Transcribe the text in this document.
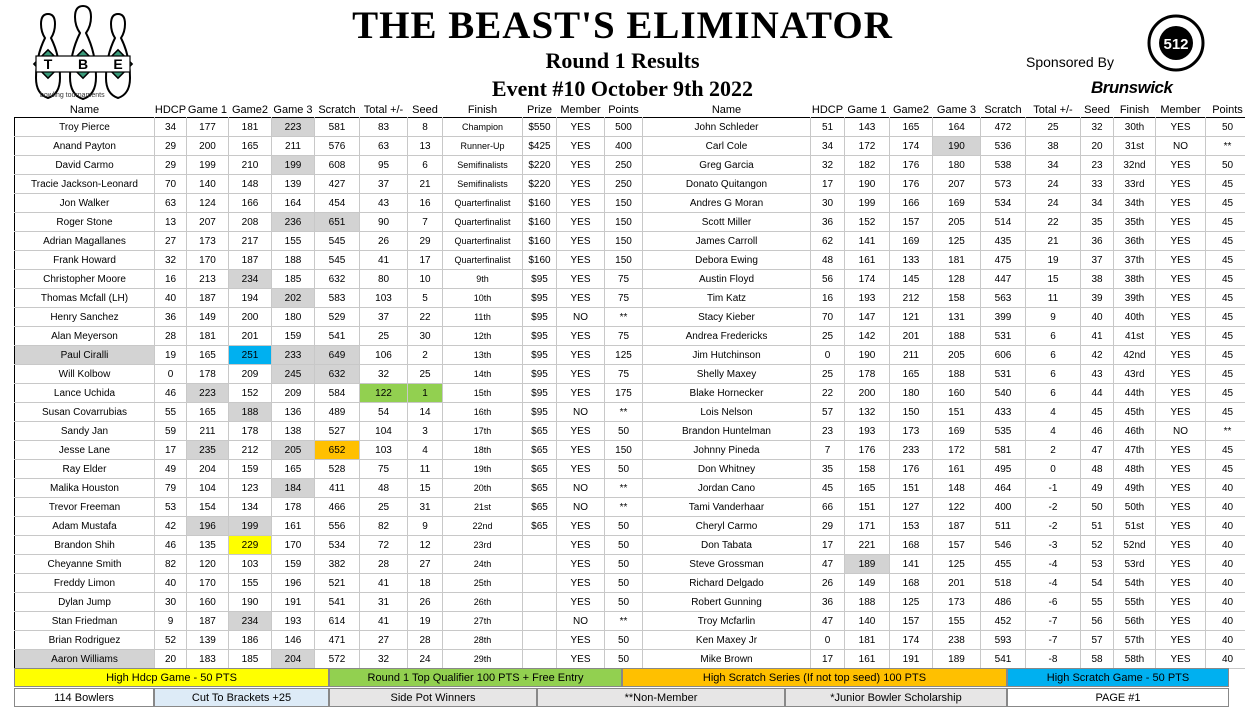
T B E
bowling tournaments
THE BEAST'S ELIMINATOR
Round 1 Results
Event #10 October 9th 2022
Sponsored By
Brunswick
512
Name	HDCP	Game 1	Game2	Game 3	Scratch	Total +/-	Seed	Finish	Prize	Member	Points	Name	HDCP	Game 1	Game2	Game 3	Scratch	Total +/-	Seed	Finish	Member	Points
Troy Pierce	34	177	181	223	581	83	8	Champion	$550	YES	500	John Schleder	51	143	165	164	472	25	32	30th	YES	50
Anand Payton	29	200	165	211	576	63	13	Runner-Up	$425	YES	400	Carl Cole	34	172	174	190	536	38	20	31st	NO	**
David Carmo	29	199	210	199	608	95	6	Semifinalists	$220	YES	250	Greg Garcia	32	182	176	180	538	34	23	32nd	YES	50
Tracie Jackson-Leonard	70	140	148	139	427	37	21	Semifinalists	$220	YES	250	Donato Quitangon	17	190	176	207	573	24	33	33rd	YES	45
Jon Walker	63	124	166	164	454	43	16	Quarterfinalist	$160	YES	150	Andres G Moran	30	199	166	169	534	24	34	34th	YES	45
Roger Stone	13	207	208	236	651	90	7	Quarterfinalist	$160	YES	150	Scott Miller	36	152	157	205	514	22	35	35th	YES	45
Adrian Magallanes	27	173	217	155	545	26	29	Quarterfinalist	$160	YES	150	James Carroll	62	141	169	125	435	21	36	36th	YES	45
Frank Howard	32	170	187	188	545	41	17	Quarterfinalist	$160	YES	150	Debora Ewing	48	161	133	181	475	19	37	37th	YES	45
Christopher Moore	16	213	234	185	632	80	10	9th	$95	YES	75	Austin Floyd	56	174	145	128	447	15	38	38th	YES	45
Thomas Mcfall (LH)	40	187	194	202	583	103	5	10th	$95	YES	75	Tim Katz	16	193	212	158	563	11	39	39th	YES	45
Henry Sanchez	36	149	200	180	529	37	22	11th	$95	NO	**	Stacy Kieber	70	147	121	131	399	9	40	40th	YES	45
Alan Meyerson	28	181	201	159	541	25	30	12th	$95	YES	75	Andrea Fredericks	25	142	201	188	531	6	41	41st	YES	45
Paul Ciralli	19	165	251	233	649	106	2	13th	$95	YES	125	Jim Hutchinson	0	190	211	205	606	6	42	42nd	YES	45
Will Kolbow	0	178	209	245	632	32	25	14th	$95	YES	75	Shelly Maxey	25	178	165	188	531	6	43	43rd	YES	45
Lance Uchida	46	223	152	209	584	122	1	15th	$95	YES	175	Blake Hornecker	22	200	180	160	540	6	44	44th	YES	45
Susan Covarrubias	55	165	188	136	489	54	14	16th	$95	NO	**	Lois Nelson	57	132	150	151	433	4	45	45th	YES	45
Sandy Jan	59	211	178	138	527	104	3	17th	$65	YES	50	Brandon Huntelman	23	193	173	169	535	4	46	46th	NO	**
Jesse Lane	17	235	212	205	652	103	4	18th	$65	YES	150	Johnny Pineda	7	176	233	172	581	2	47	47th	YES	45
Ray Elder	49	204	159	165	528	75	11	19th	$65	YES	50	Don Whitney	35	158	176	161	495	0	48	48th	YES	45
Malika Houston	79	104	123	184	411	48	15	20th	$65	NO	**	Jordan Cano	45	165	151	148	464	-1	49	49th	YES	40
Trevor Freeman	53	154	134	178	466	25	31	21st	$65	NO	**	Tami Vanderhaar	66	151	127	122	400	-2	50	50th	YES	40
Adam Mustafa	42	196	199	161	556	82	9	22nd	$65	YES	50	Cheryl Carmo	29	171	153	187	511	-2	51	51st	YES	40
Brandon Shih	46	135	229	170	534	72	12	23rd		YES	50	Don Tabata	17	221	168	157	546	-3	52	52nd	YES	40
Cheyanne Smith	82	120	103	159	382	28	27	24th		YES	50	Steve Grossman	47	189	141	125	455	-4	53	53rd	YES	40
Freddy Limon	40	170	155	196	521	41	18	25th		YES	50	Richard Delgado	26	149	168	201	518	-4	54	54th	YES	40
Dylan Jump	30	160	190	191	541	31	26	26th		YES	50	Robert Gunning	36	188	125	173	486	-6	55	55th	YES	40
Stan Friedman	9	187	234	193	614	41	19	27th		NO	**	Troy Mcfarlin	47	140	157	155	452	-7	56	56th	YES	40
Brian Rodriguez	52	139	186	146	471	27	28	28th		YES	50	Ken Maxey Jr	0	181	174	238	593	-7	57	57th	YES	40
Aaron Williams	20	183	185	204	572	32	24	29th		YES	50	Mike Brown	17	161	191	189	541	-8	58	58th	YES	40
High Hdcp Game - 50 PTS	Round 1 Top Qualifier 100 PTS + Free Entry	High Scratch Series (If not top seed) 100 PTS	High Scratch Game - 50 PTS
114 Bowlers	Cut To Brackets +25	Side Pot Winners	**Non-Member	*Junior Bowler Scholarship	PAGE #1
